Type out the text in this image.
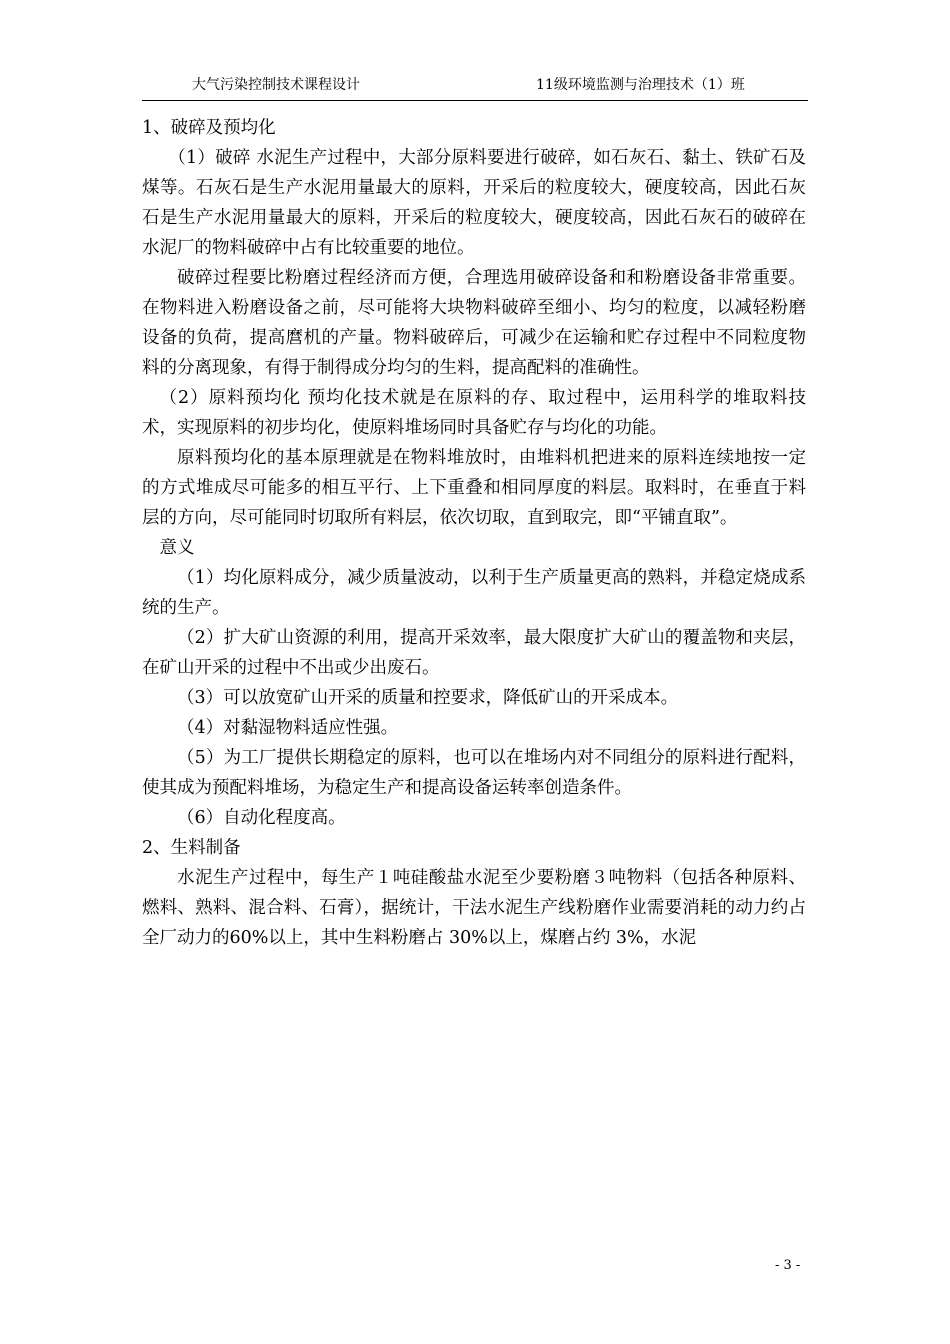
大气污染控制技术课程设计	11级环境监测与治理技术（1）班

1、破碎及预均化

（1）破碎 水泥生产过程中，大部分原料要进行破碎，如石灰石、黏土、铁矿石及煤等。石灰石是生产水泥用量最大的原料，开采后的粒度较大，硬度较高，因此石灰石是生产水泥用量最大的原料，开采后的粒度较大，硬度较高，因此石灰石的破碎在水泥厂的物料破碎中占有比较重要的地位。

破碎过程要比粉磨过程经济而方便，合理选用破碎设备和和粉磨设备非常重要。在物料进入粉磨设备之前，尽可能将大块物料破碎至细小、均匀的粒度，以减轻粉磨设备的负荷，提高麿机的产量。物料破碎后，可减少在运输和贮存过程中不同粒度物料的分离现象，有得于制得成分均匀的生料，提高配料的准确性。

（2）原料预均化 预均化技术就是在原料的存、取过程中，运用科学的堆取料技术，实现原料的初步均化，使原料堆场同时具备贮存与均化的功能。

原料预均化的基本原理就是在物料堆放时，由堆料机把进来的原料连续地按一定的方式堆成尽可能多的相互平行、上下重叠和相同厚度的料层。取料时，在垂直于料层的方向，尽可能同时切取所有料层，依次切取，直到取完，即“平铺直取”。

意义

（1）均化原料成分，减少质量波动，以利于生产质量更高的熟料，并稳定烧成系统的生产。

（2）扩大矿山资源的利用，提高开采效率，最大限度扩大矿山的覆盖物和夹层，在矿山开采的过程中不出或少出废石。

（3）可以放宽矿山开采的质量和控要求，降低矿山的开采成本。

（4）对黏湿物料适应性强。

（5）为工厂提供长期稳定的原料，也可以在堆场内对不同组分的原料进行配料，使其成为预配料堆场，为稳定生产和提高设备运转率创造条件。

（6）自动化程度高。

2、生料制备

水泥生产过程中，每生产１吨硅酸盐水泥至少要粉磨３吨物料（包括各种原料、燃料、熟料、混合料、石膏），据统计，干法水泥生产线粉磨作业需要消耗的动力约占全厂动力的60%以上，其中生料粉磨占 30%以上，煤磨占约 3%，水泥

- 3 -
